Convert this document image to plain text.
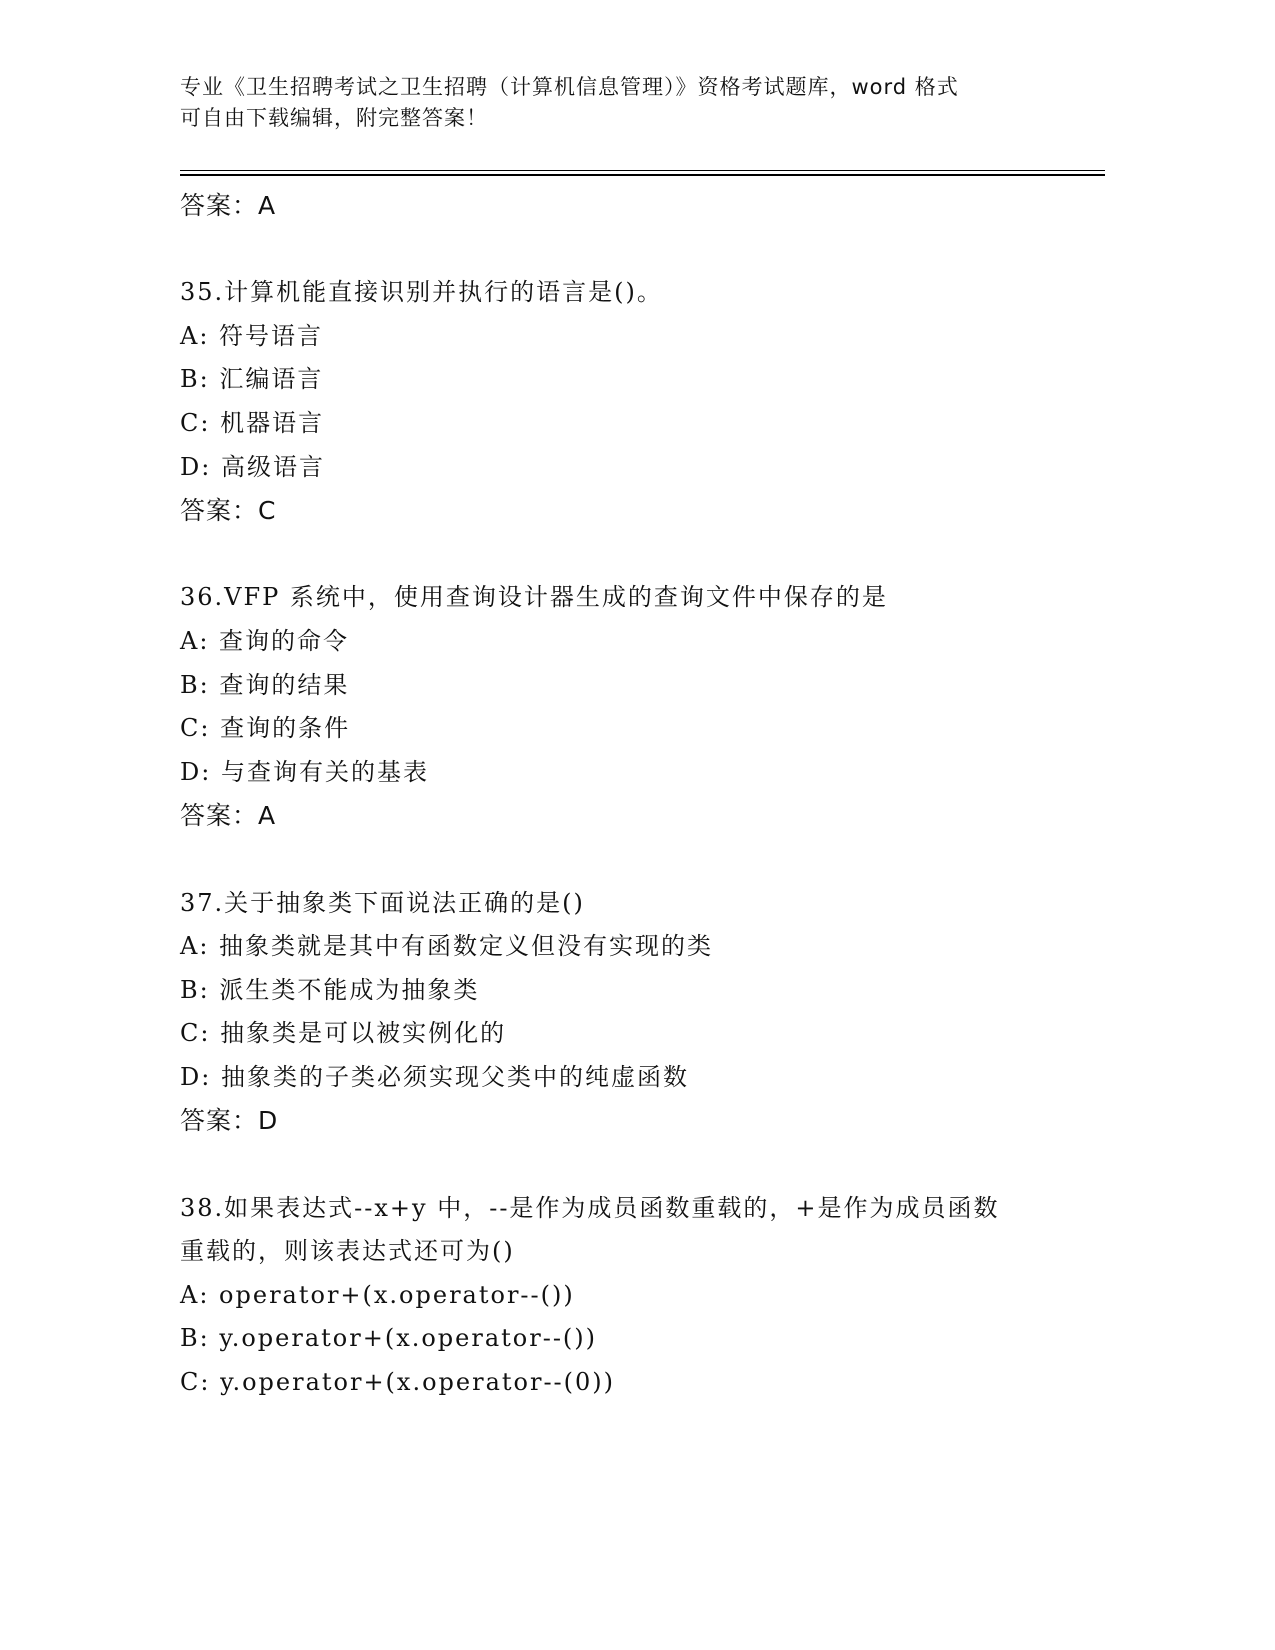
专业《卫生招聘考试之卫生招聘（计算机信息管理）》资格考试题库，word 格式
可自由下载编辑，附完整答案！
答案：A
35.计算机能直接识别并执行的语言是()。
A: 符号语言
B: 汇编语言
C: 机器语言
D: 高级语言
答案：C
36.VFP 系统中，使用查询设计器生成的查询文件中保存的是
A: 查询的命令
B: 查询的结果
C: 查询的条件
D: 与查询有关的基表
答案：A
37.关于抽象类下面说法正确的是()
A: 抽象类就是其中有函数定义但没有实现的类
B: 派生类不能成为抽象类
C: 抽象类是可以被实例化的
D: 抽象类的子类必须实现父类中的纯虚函数
答案：D
38.如果表达式--x+y 中，--是作为成员函数重载的，+是作为成员函数
重载的，则该表达式还可为()
A: operator+(x.operator--())
B: y.operator+(x.operator--())
C: y.operator+(x.operator--(0))
